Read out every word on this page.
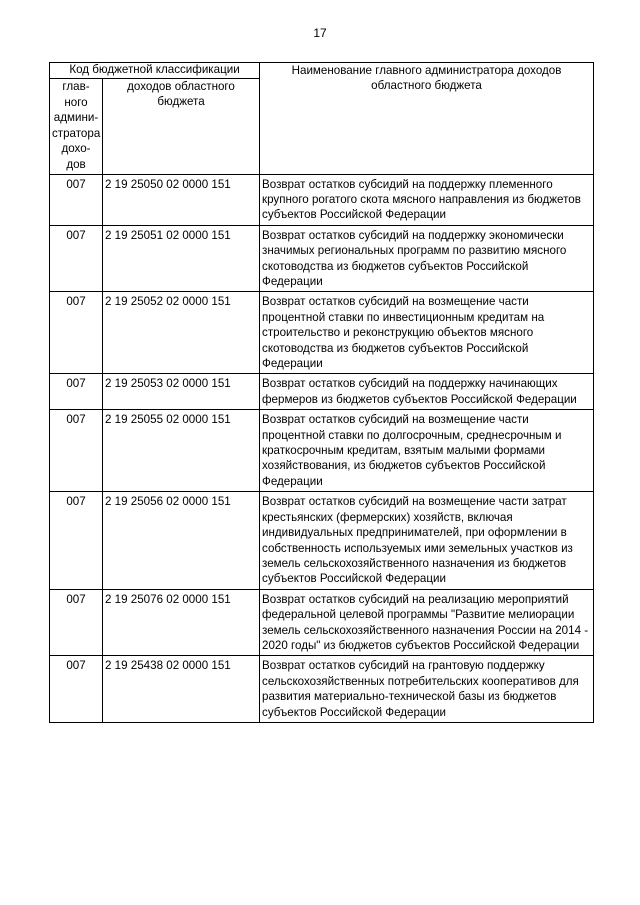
17
Код бюджетной классификации		Наименование главного администратора доходов областного бюджета
глав-ного админи-стратора дохо-дов	доходов областного бюджета	
007	2 19 25050 02 0000 151	Возврат остатков субсидий на поддержку племенного крупного рогатого скота мясного направления из бюджетов субъектов Российской Федерации
007	2 19 25051 02 0000 151	Возврат остатков субсидий на поддержку экономически значимых региональных программ по развитию мясного скотоводства из бюджетов субъектов Российской Федерации
007	2 19 25052 02 0000 151	Возврат остатков субсидий на возмещение части процентной ставки по инвестиционным кредитам на строительство и реконструкцию объектов мясного скотоводства из бюджетов субъектов Российской Федерации
007	2 19 25053 02 0000 151	Возврат остатков субсидий на поддержку начинающих фермеров из бюджетов субъектов Российской Федерации
007	2 19 25055 02 0000 151	Возврат остатков субсидий на возмещение части процентной ставки по долгосрочным, среднесрочным и краткосрочным кредитам, взятым малыми формами хозяйствования, из бюджетов субъектов Российской Федерации
007	2 19 25056 02 0000 151	Возврат остатков субсидий на возмещение части затрат крестьянских (фермерских) хозяйств, включая индивидуальных предпринимателей, при оформлении в собственность используемых ими земельных участков из земель сельскохозяйственного назначения из бюджетов субъектов Российской Федерации
007	2 19 25076 02 0000 151	Возврат остатков субсидий на реализацию мероприятий федеральной целевой программы "Развитие мелиорации земель сельскохозяйственного назначения России на 2014 - 2020 годы" из бюджетов субъектов Российской Федерации
007	2 19 25438 02 0000 151	Возврат остатков субсидий на грантовую поддержку сельскохозяйственных потребительских кооперативов для развития материально-технической базы из бюджетов субъектов Российской Федерации
